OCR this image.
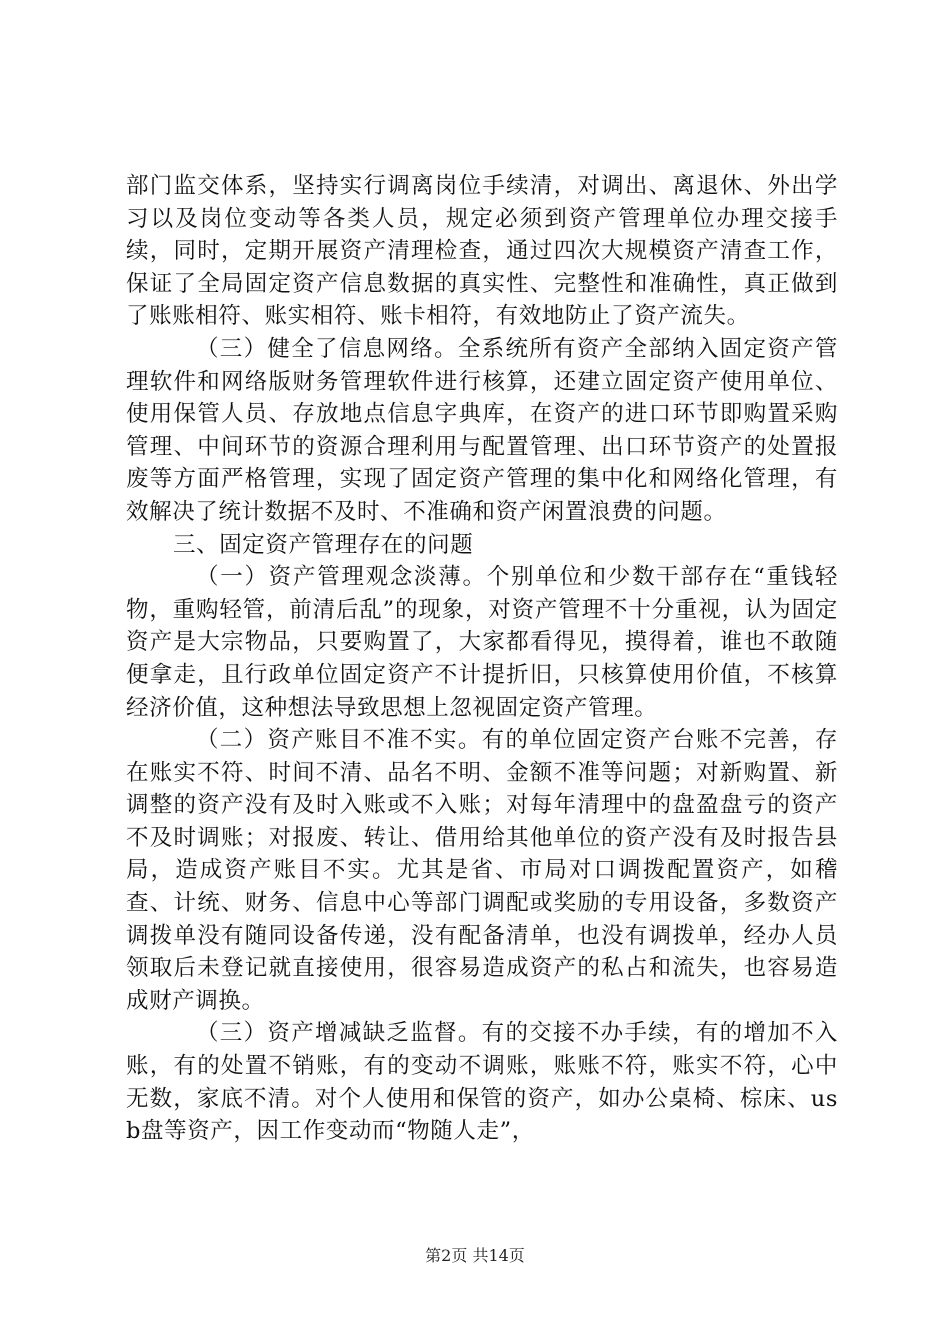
部门监交体系，坚持实行调离岗位手续清，对调出、离退休、外出学习以及岗位变动等各类人员，规定必须到资产管理单位办理交接手续，同时，定期开展资产清理检查，通过四次大规模资产清查工作，保证了全局固定资产信息数据的真实性、完整性和准确性，真正做到了账账相符、账实相符、账卡相符，有效地防止了资产流失。

（三）健全了信息网络。全系统所有资产全部纳入固定资产管理软件和网络版财务管理软件进行核算，还建立固定资产使用单位、使用保管人员、存放地点信息字典库，在资产的进口环节即购置采购管理、中间环节的资源合理利用与配置管理、出口环节资产的处置报废等方面严格管理，实现了固定资产管理的集中化和网络化管理，有效解决了统计数据不及时、不准确和资产闲置浪费的问题。

三、固定资产管理存在的问题

（一）资产管理观念淡薄。个别单位和少数干部存在“重钱轻物，重购轻管，前清后乱”的现象，对资产管理不十分重视，认为固定资产是大宗物品，只要购置了，大家都看得见，摸得着，谁也不敢随便拿走，且行政单位固定资产不计提折旧，只核算使用价值，不核算经济价值，这种想法导致思想上忽视固定资产管理。

（二）资产账目不准不实。有的单位固定资产台账不完善，存在账实不符、时间不清、品名不明、金额不准等问题；对新购置、新调整的资产没有及时入账或不入账；对每年清理中的盘盈盘亏的资产不及时调账；对报废、转让、借用给其他单位的资产没有及时报告县局，造成资产账目不实。尤其是省、市局对口调拨配置资产，如稽查、计统、财务、信息中心等部门调配或奖励的专用设备，多数资产调拨单没有随同设备传递，没有配备清单，也没有调拨单，经办人员领取后未登记就直接使用，很容易造成资产的私占和流失，也容易造成财产调换。

（三）资产增减缺乏监督。有的交接不办手续，有的增加不入账，有的处置不销账，有的变动不调账，账账不符，账实不符，心中无数，家底不清。对个人使用和保管的资产，如办公桌椅、棕床、usb盘等资产，因工作变动而“物随人走”，

第2页 共14页
